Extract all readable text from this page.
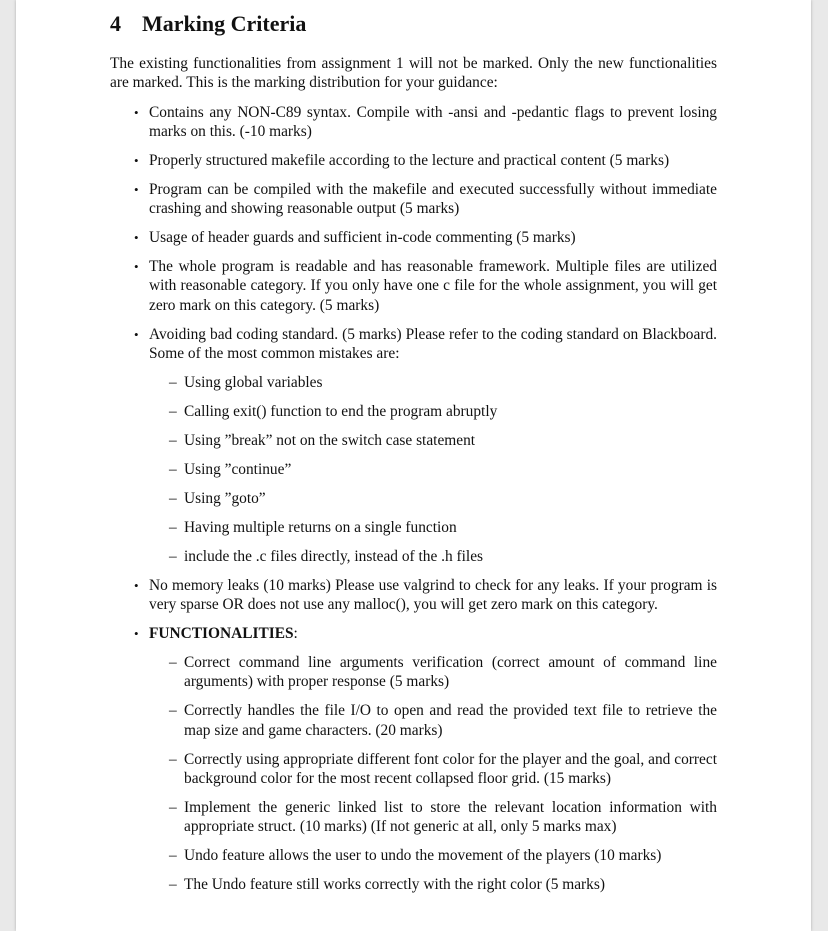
4 Marking Criteria

The existing functionalities from assignment 1 will not be marked. Only the new functionalities are marked. This is the marking distribution for your guidance:

• Contains any NON-C89 syntax. Compile with -ansi and -pedantic flags to prevent losing marks on this. (-10 marks)
• Properly structured makefile according to the lecture and practical content (5 marks)
• Program can be compiled with the makefile and executed successfully without immediate crashing and showing reasonable output (5 marks)
• Usage of header guards and sufficient in-code commenting (5 marks)
• The whole program is readable and has reasonable framework. Multiple files are utilized with reasonable category. If you only have one c file for the whole assignment, you will get zero mark on this category. (5 marks)
• Avoiding bad coding standard. (5 marks) Please refer to the coding standard on Blackboard. Some of the most common mistakes are:
– Using global variables
– Calling exit() function to end the program abruptly
– Using ”break” not on the switch case statement
– Using ”continue”
– Using ”goto”
– Having multiple returns on a single function
– include the .c files directly, instead of the .h files
• No memory leaks (10 marks) Please use valgrind to check for any leaks. If your program is very sparse OR does not use any malloc(), you will get zero mark on this category.
• FUNCTIONALITIES:
– Correct command line arguments verification (correct amount of command line arguments) with proper response (5 marks)
– Correctly handles the file I/O to open and read the provided text file to retrieve the map size and game characters. (20 marks)
– Correctly using appropriate different font color for the player and the goal, and correct background color for the most recent collapsed floor grid. (15 marks)
– Implement the generic linked list to store the relevant location information with appropriate struct. (10 marks) (If not generic at all, only 5 marks max)
– Undo feature allows the user to undo the movement of the players (10 marks)
– The Undo feature still works correctly with the right color (5 marks)
